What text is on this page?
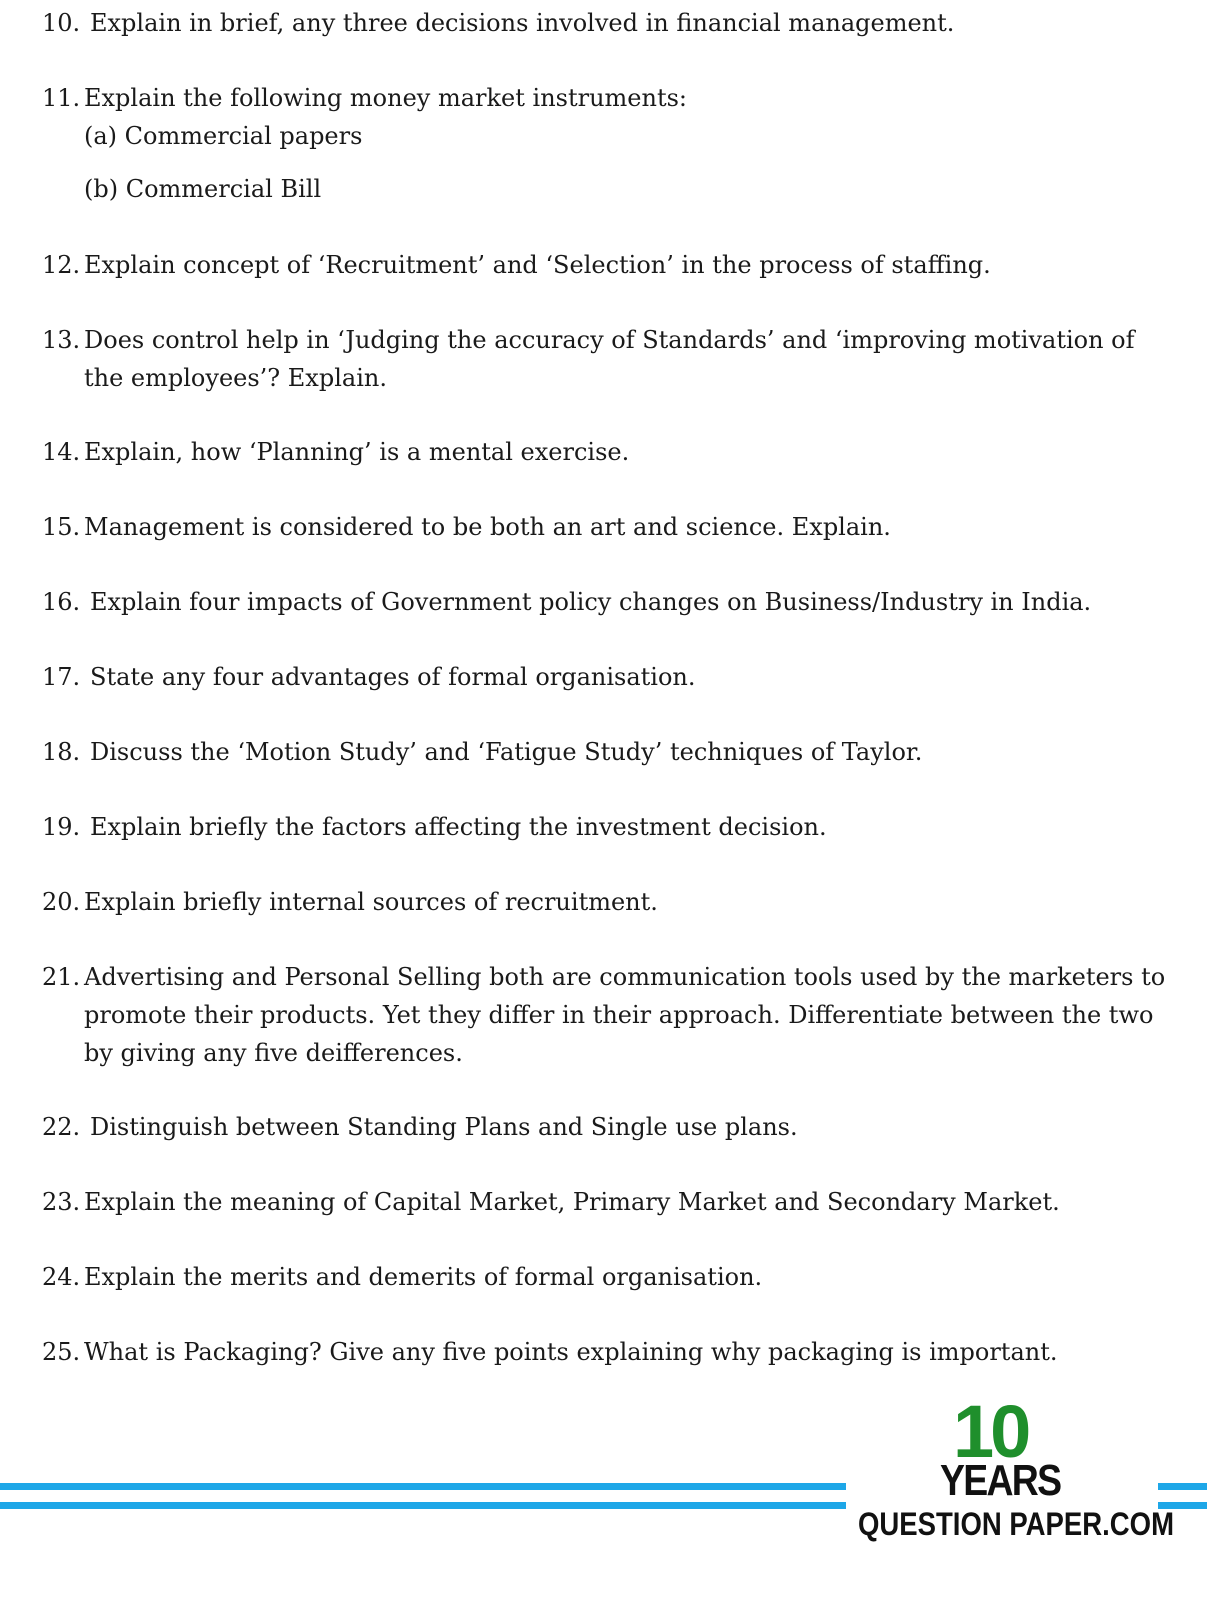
10. Explain in brief, any three decisions involved in financial management.
11. Explain the following money market instruments:
(a) Commercial papers
(b) Commercial Bill
12. Explain concept of ‘Recruitment’ and ‘Selection’ in the process of staffing.
13. Does control help in ‘Judging the accuracy of Standards’ and ‘improving motivation of the employees’? Explain.
14. Explain, how ‘Planning’ is a mental exercise.
15. Management is considered to be both an art and science. Explain.
16. Explain four impacts of Government policy changes on Business/Industry in India.
17. State any four advantages of formal organisation.
18. Discuss the ‘Motion Study’ and ‘Fatigue Study’ techniques of Taylor.
19. Explain briefly the factors affecting the investment decision.
20. Explain briefly internal sources of recruitment.
21. Advertising and Personal Selling both are communication tools used by the marketers to promote their products. Yet they differ in their approach. Differentiate between the two by giving any five deifferences.
22. Distinguish between Standing Plans and Single use plans.
23. Explain the meaning of Capital Market, Primary Market and Secondary Market.
24. Explain the merits and demerits of formal organisation.
25. What is Packaging? Give any five points explaining why packaging is important.
10
YEARS
QUESTION PAPER.COM
